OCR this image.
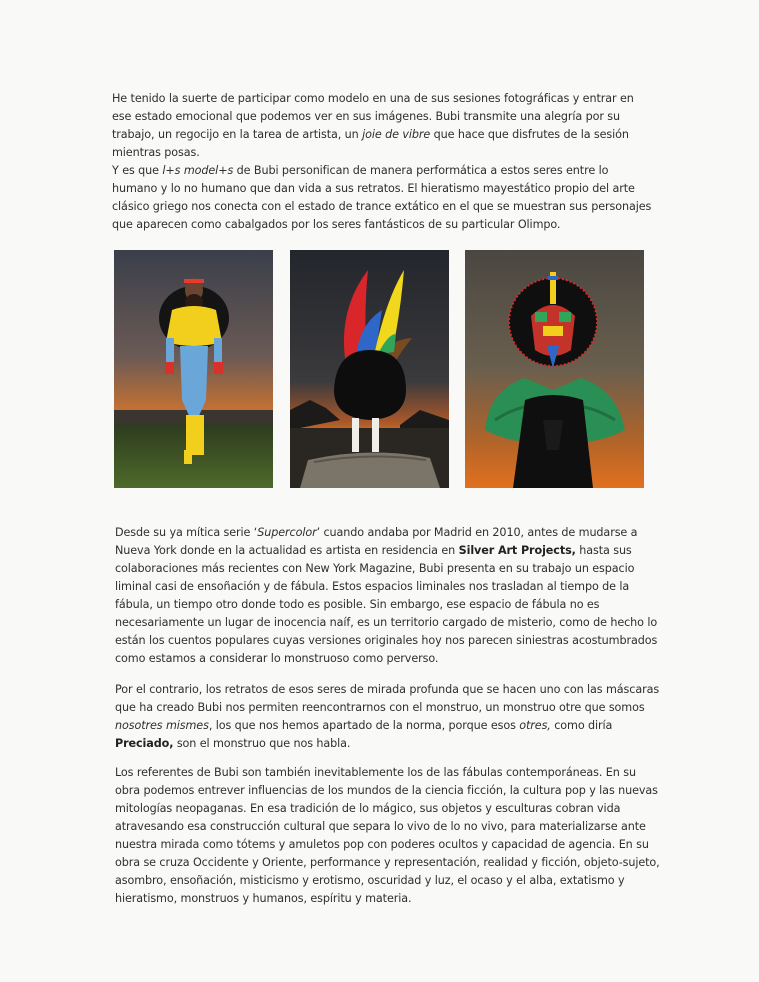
He tenido la suerte de participar como modelo en una de sus sesiones fotográficas y entrar en ese estado emocional que podemos ver en sus imágenes. Bubi transmite una alegría por su trabajo, un regocijo en la tarea de artista, un joie de vibre que hace que disfrutes de la sesión mientras posas.
Y es que l+s model+s de Bubi personifican de manera performática a estos seres entre lo humano y lo no humano que dan vida a sus retratos. El hieratismo mayestático propio del arte clásico griego nos conecta con el estado de trance extático en el que se muestran sus personajes que aparecen como cabalgados por los seres fantásticos de su particular Olimpo.

Desde su ya mítica serie ‘Supercolor’ cuando andaba por Madrid en 2010, antes de mudarse a Nueva York donde en la actualidad es artista en residencia en Silver Art Projects, hasta sus colaboraciones más recientes con New York Magazine, Bubi presenta en su trabajo un espacio liminal casi de ensoñación y de fábula. Estos espacios liminales nos trasladan al tiempo de la fábula, un tiempo otro donde todo es posible. Sin embargo, ese espacio de fábula no es necesariamente un lugar de inocencia naíf, es un territorio cargado de misterio, como de hecho lo están los cuentos populares cuyas versiones originales hoy nos parecen siniestras acostumbrados como estamos a considerar lo monstruoso como perverso.

Por el contrario, los retratos de esos seres de mirada profunda que se hacen uno con las máscaras que ha creado Bubi nos permiten reencontrarnos con el monstruo, un monstruo otre que somos nosotres mismes, los que nos hemos apartado de la norma, porque esos otres, como diría Preciado, son el monstruo que nos habla.

Los referentes de Bubi son también inevitablemente los de las fábulas contemporáneas. En su obra podemos entrever influencias de los mundos de la ciencia ficción, la cultura pop y las nuevas mitologías neopaganas. En esa tradición de lo mágico, sus objetos y esculturas cobran vida atravesando esa construcción cultural que separa lo vivo de lo no vivo, para materializarse ante nuestra mirada como tótems y amuletos pop con poderes ocultos y capacidad de agencia. En su obra se cruza Occidente y Oriente, performance y representación, realidad y ficción, objeto-sujeto, asombro, ensoñación, misticismo y erotismo, oscuridad y luz, el ocaso y el alba, extatismo y hieratismo, monstruos y humanos, espíritu y materia.
